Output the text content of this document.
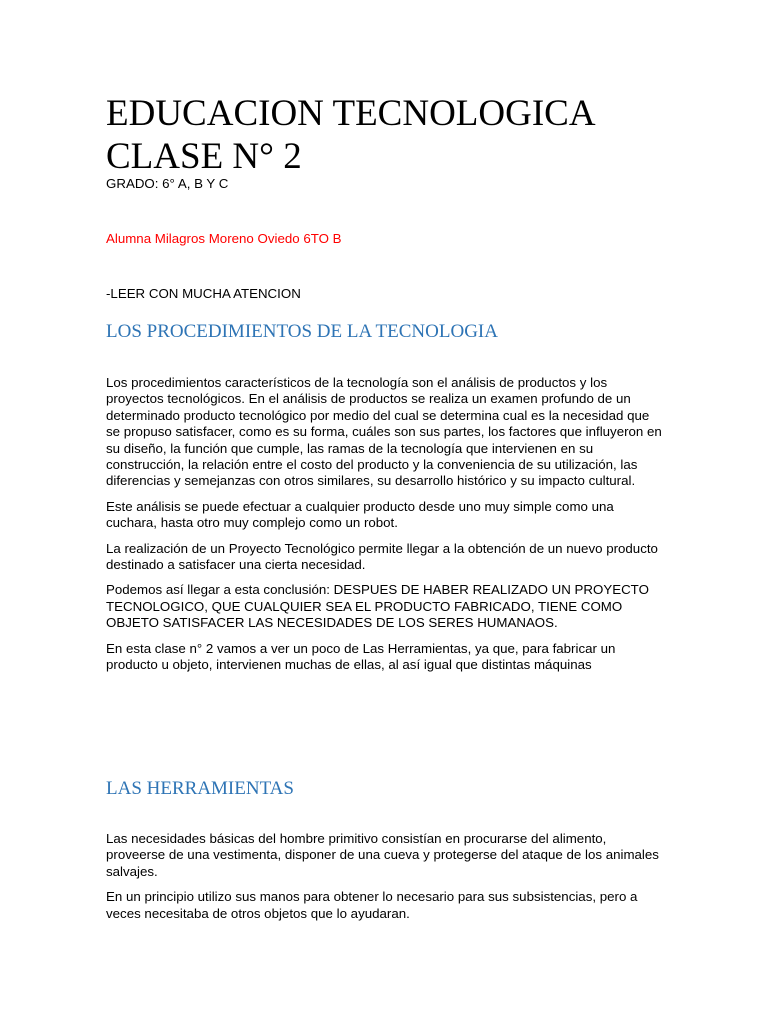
EDUCACION TECNOLOGICA
CLASE N° 2

GRADO: 6° A, B Y C

Alumna Milagros Moreno Oviedo 6TO B

-LEER CON MUCHA ATENCION

LOS PROCEDIMIENTOS DE LA TECNOLOGIA

Los procedimientos característicos de la tecnología son el análisis de productos y los proyectos tecnológicos. En el análisis de productos se realiza un examen profundo de un determinado producto tecnológico por medio del cual se determina cual es la necesidad que se propuso satisfacer, como es su forma, cuáles son sus partes, los factores que influyeron en su diseño, la función que cumple, las ramas de la tecnología que intervienen en su construcción, la relación entre el costo del producto y la conveniencia de su utilización, las diferencias y semejanzas con otros similares, su desarrollo histórico y su impacto cultural.

Este análisis se puede efectuar a cualquier producto desde uno muy simple como una cuchara, hasta otro muy complejo como un robot.

La realización de un Proyecto Tecnológico permite llegar a la obtención de un nuevo producto destinado a satisfacer una cierta necesidad.

Podemos así llegar a esta conclusión: DESPUES DE HABER REALIZADO UN PROYECTO TECNOLOGICO, QUE CUALQUIER SEA EL PRODUCTO FABRICADO, TIENE COMO OBJETO SATISFACER LAS NECESIDADES DE LOS SERES HUMANAOS.

En esta clase n° 2 vamos a ver un poco de Las Herramientas, ya que, para fabricar un producto u objeto, intervienen muchas de ellas, al así igual que distintas máquinas

LAS HERRAMIENTAS

Las necesidades básicas del hombre primitivo consistían en procurarse del alimento, proveerse de una vestimenta, disponer de una cueva y protegerse del ataque de los animales salvajes.

En un principio utilizo sus manos para obtener lo necesario para sus subsistencias, pero a veces necesitaba de otros objetos que lo ayudaran.
